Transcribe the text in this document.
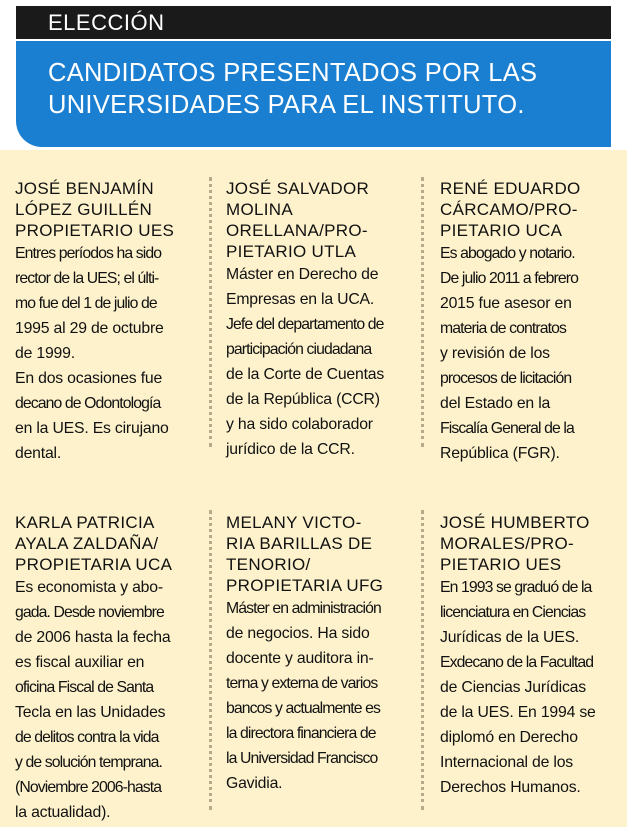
ELECCIÓN
CANDIDATOS PRESENTADOS POR LAS
UNIVERSIDADES PARA EL INSTITUTO.
JOSÉ BENJAMÍN
LÓPEZ GUILLÉN
PROPIETARIO UES
Entres períodos ha sido
rector de la UES; el últi-
mo fue del 1 de julio de
1995 al 29 de octubre
de 1999.
En dos ocasiones fue
decano de Odontología
en la UES. Es cirujano
dental.
JOSÉ SALVADOR
MOLINA
ORELLANA/PRO-
PIETARIO UTLA
Máster en Derecho de
Empresas en la UCA.
Jefe del departamento de
participación ciudadana
de la Corte de Cuentas
de la República (CCR)
y ha sido colaborador
jurídico de la CCR.
RENÉ EDUARDO
CÁRCAMO/PRO-
PIETARIO UCA
Es abogado y notario.
De julio 2011 a febrero
2015 fue asesor en
materia de contratos
y revisión de los
procesos de licitación
del Estado en la
Fiscalía General de la
República (FGR).
KARLA PATRICIA
AYALA ZALDAÑA/
PROPIETARIA UCA
Es economista y abo-
gada. Desde noviembre
de 2006 hasta la fecha
es fiscal auxiliar en
oficina Fiscal de Santa
Tecla en las Unidades
de delitos contra la vida
y de solución temprana.
(Noviembre 2006-hasta
la actualidad).
MELANY VICTO-
RIA BARILLAS DE
TENORIO/
PROPIETARIA UFG
Máster en administración
de negocios. Ha sido
docente y auditora in-
terna y externa de varios
bancos y actualmente es
la directora financiera de
la Universidad Francisco
Gavidia.
JOSÉ HUMBERTO
MORALES/PRO-
PIETARIO UES
En 1993 se graduó de la
licenciatura en Ciencias
Jurídicas de la UES.
Exdecano de la Facultad
de Ciencias Jurídicas
de la UES. En 1994 se
diplomó en Derecho
Internacional de los
Derechos Humanos.
